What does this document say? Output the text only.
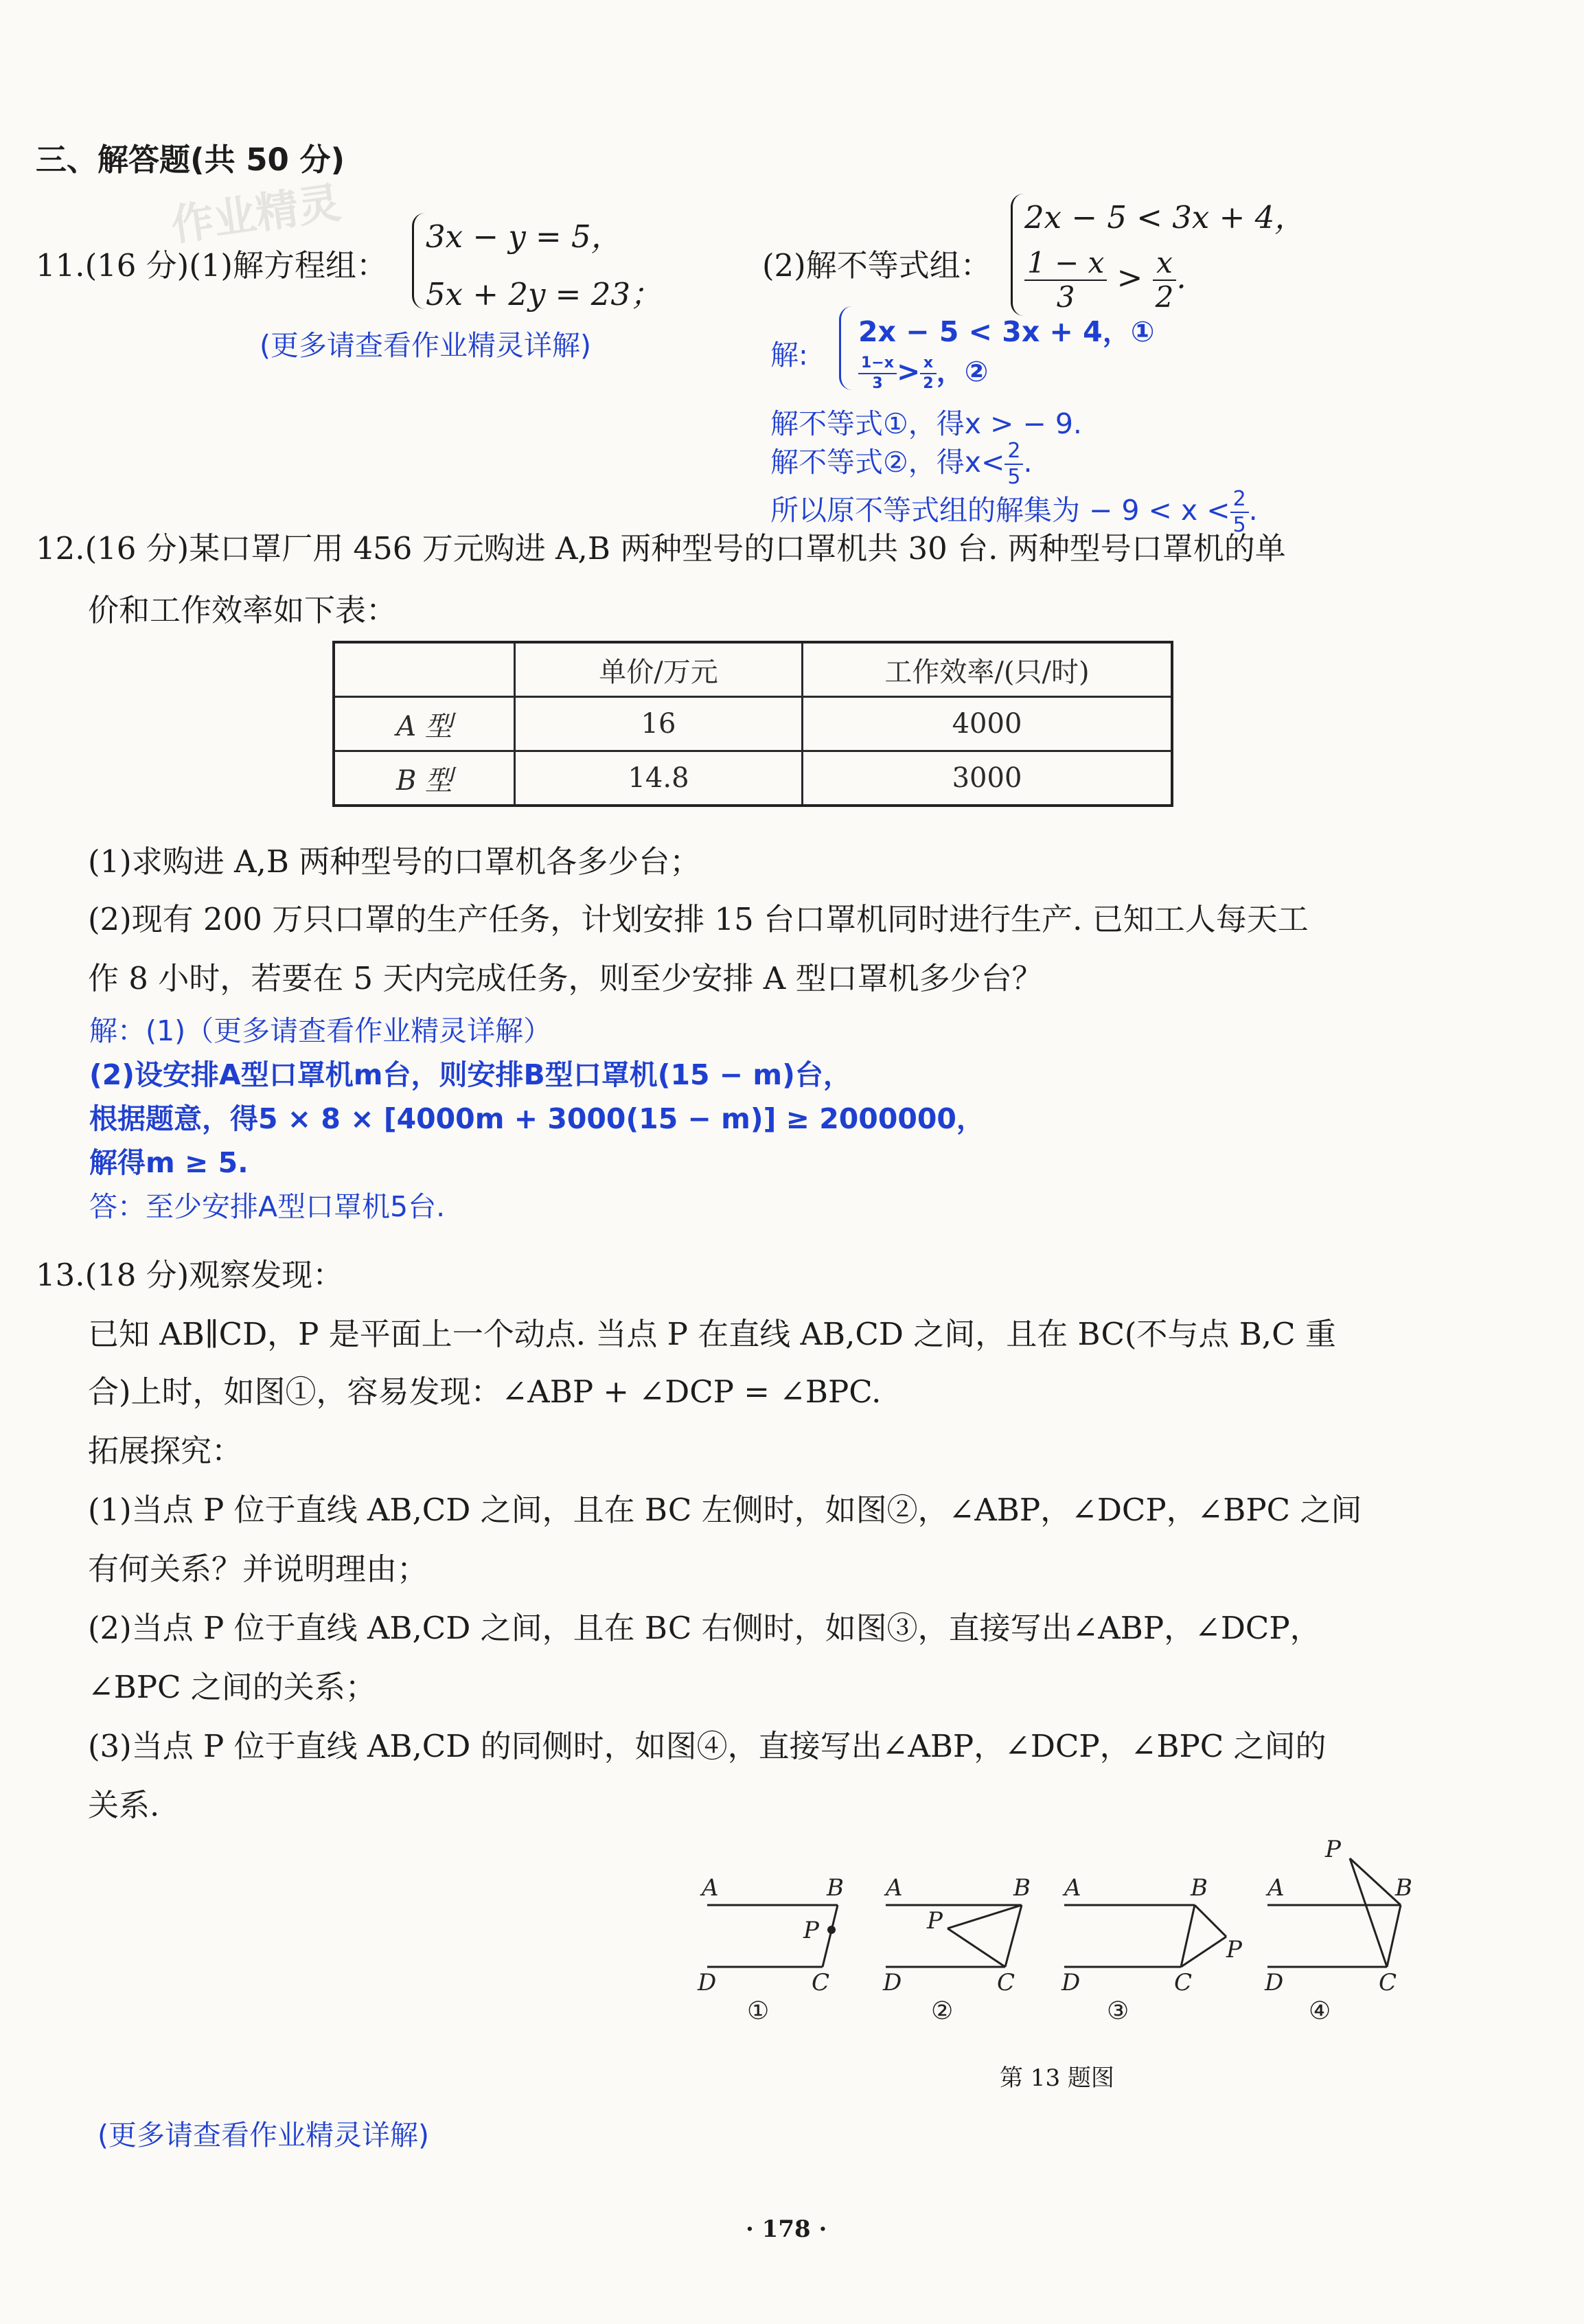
作业精灵
三、解答题(共 50 分)
11.(16 分)(1)解方程组：
3x − y = 5，
5x + 2y = 23；
(更多请查看作业精灵详解)
(2)解不等式组：
2x − 5 < 3x + 4，
$\frac{1 - x}{3} > \frac{x}{2}$ .
解:
2x − 5 < 3x + 4，①
$\frac{1-x}{3} > \frac{x}{2}$ ，②
解不等式①，得x > − 9.
解不等式②，得$x< \frac{2}{5}$ .
所以原不等式组的解集为 − $9 < x < \frac{2}{5}$ .
12.(16 分)某口罩厂用 456 万元购进 A,B 两种型号的口罩机共 30 台. 两种型号口罩机的单
价和工作效率如下表：
	单价/万元	工作效率/(只/时)
A 型	16	4000
B 型	14.8	3000
(1)求购进 A,B 两种型号的口罩机各多少台；
(2)现有 200 万只口罩的生产任务，计划安排 15 台口罩机同时进行生产. 已知工人每天工
作 8 小时，若要在 5 天内完成任务，则至少安排 A 型口罩机多少台？
解：(1)（更多请查看作业精灵详解）
(2)设安排A型口罩机m台，则安排B型口罩机(15 − m)台，
根据题意，得5 × 8 × [4000m + 3000(15 − m)] ≥ 2000000，
解得m ≥ 5.
答：至少安排A型口罩机5台.
13.(18 分)观察发现：
已知 AB∥CD，P 是平面上一个动点. 当点 P 在直线 AB,CD 之间，且在 BC(不与点 B,C 重
合)上时，如图①，容易发现：∠ABP + ∠DCP = ∠BPC.
拓展探究：
(1)当点 P 位于直线 AB,CD 之间，且在 BC 左侧时，如图②，∠ABP，∠DCP，∠BPC 之间
有何关系？并说明理由；
(2)当点 P 位于直线 AB,CD 之间，且在 BC 右侧时，如图③，直接写出∠ABP，∠DCP，
∠BPC 之间的关系；
(3)当点 P 位于直线 AB,CD 的同侧时，如图④，直接写出∠ABP，∠DCP，∠BPC 之间的
关系.
A	B
P
D	C
①
A	B
P
D	C
②
A	B
P
D	C
③
A	B
P
D	C
④
第 13 题图
(更多请查看作业精灵详解)
· 178 ·
